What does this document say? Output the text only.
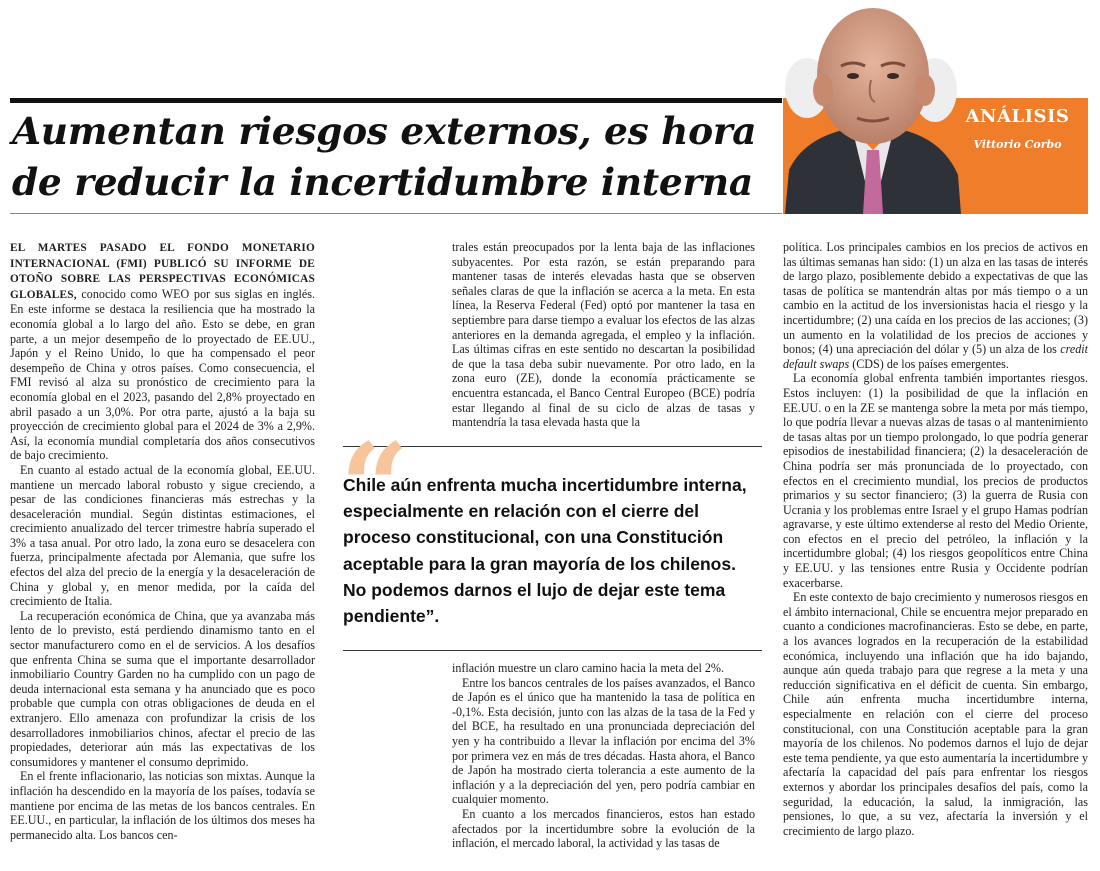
Aumentan riesgos externos, es hora
de reducir la incertidumbre interna
ANÁLISIS
Vittorio Corbo

EL MARTES PASADO EL FONDO MONETARIO INTERNACIONAL (FMI) PUBLICÓ SU INFORME DE OTOÑO SOBRE LAS PERSPECTIVAS ECONÓMICAS GLOBALES, conocido como WEO por sus siglas en inglés. En este informe se destaca la resiliencia que ha mostrado la economía global a lo largo del año. Esto se debe, en gran parte, a un mejor desempeño de lo proyectado de EE.UU., Japón y el Reino Unido, lo que ha compensado el peor desempeño de China y otros países. Como consecuencia, el FMI revisó al alza su pronóstico de crecimiento para la economía global en el 2023, pasando del 2,8% proyectado en abril pasado a un 3,0%. Por otra parte, ajustó a la baja su proyección de crecimiento global para el 2024 de 3% a 2,9%. Así, la economía mundial completaría dos años consecutivos de bajo crecimiento.

En cuanto al estado actual de la economía global, EE.UU. mantiene un mercado laboral robusto y sigue creciendo, a pesar de las condiciones financieras más estrechas y la desaceleración mundial. Según distintas estimaciones, el crecimiento anualizado del tercer trimestre habría superado el 3% a tasa anual. Por otro lado, la zona euro se desacelera con fuerza, principalmente afectada por Alemania, que sufre los efectos del alza del precio de la energía y la desaceleración de China y global y, en menor medida, por la caída del crecimiento de Italia.

La recuperación económica de China, que ya avanzaba más lento de lo previsto, está perdiendo dinamismo tanto en el sector manufacturero como en el de servicios. A los desafíos que enfrenta China se suma que el importante desarrollador inmobiliario Country Garden no ha cumplido con un pago de deuda internacional esta semana y ha anunciado que es poco probable que cumpla con otras obligaciones de deuda en el extranjero. Ello amenaza con profundizar la crisis de los desarrolladores inmobiliarios chinos, afectar el precio de las propiedades, deteriorar aún más las expectativas de los consumidores y mantener el consumo deprimido.

En el frente inflacionario, las noticias son mixtas. Aunque la inflación ha descendido en la mayoría de los países, todavía se mantiene por encima de las metas de los bancos centrales. En EE.UU., en particular, la inflación de los últimos dos meses ha permanecido alta. Los bancos cen-

trales están preocupados por la lenta baja de las inflaciones subyacentes. Por esta razón, se están preparando para mantener tasas de interés elevadas hasta que se observen señales claras de que la inflación se acerca a la meta. En esta línea, la Reserva Federal (Fed) optó por mantener la tasa en septiembre para darse tiempo a evaluar los efectos de las alzas anteriores en la demanda agregada, el empleo y la inflación. Las últimas cifras en este sentido no descartan la posibilidad de que la tasa deba subir nuevamente. Por otro lado, en la zona euro (ZE), donde la economía prácticamente se encuentra estancada, el Banco Central Europeo (BCE) podría estar llegando al final de su ciclo de alzas de tasas y mantendría la tasa elevada hasta que la

“

Chile aún enfrenta mucha incertidumbre interna, especialmente en relación con el cierre del proceso constitucional, con una Constitución aceptable para la gran mayoría de los chilenos. No podemos darnos el lujo de dejar este tema pendiente”.

inflación muestre un claro camino hacia la meta del 2%.

Entre los bancos centrales de los países avanzados, el Banco de Japón es el único que ha mantenido la tasa de política en -0,1%. Esta decisión, junto con las alzas de la tasa de la Fed y del BCE, ha resultado en una pronunciada depreciación del yen y ha contribuido a llevar la inflación por encima del 3% por primera vez en más de tres décadas. Hasta ahora, el Banco de Japón ha mostrado cierta tolerancia a este aumento de la inflación y a la depreciación del yen, pero podría cambiar en cualquier momento.

En cuanto a los mercados financieros, estos han estado afectados por la incertidumbre sobre la evolución de la inflación, el mercado laboral, la actividad y las tasas de

política. Los principales cambios en los precios de activos en las últimas semanas han sido: (1) un alza en las tasas de interés de largo plazo, posiblemente debido a expectativas de que las tasas de política se mantendrán altas por más tiempo o a un cambio en la actitud de los inversionistas hacia el riesgo y la incertidumbre; (2) una caída en los precios de las acciones; (3) un aumento en la volatilidad de los precios de acciones y bonos; (4) una apreciación del dólar y (5) un alza de los credit default swaps (CDS) de los países emergentes.

La economía global enfrenta también importantes riesgos. Estos incluyen: (1) la posibilidad de que la inflación en EE.UU. o en la ZE se mantenga sobre la meta por más tiempo, lo que podría llevar a nuevas alzas de tasas o al mantenimiento de tasas altas por un tiempo prolongado, lo que podría generar episodios de inestabilidad financiera; (2) la desaceleración de China podría ser más pronunciada de lo proyectado, con efectos en el crecimiento mundial, los precios de productos primarios y su sector financiero; (3) la guerra de Rusia con Ucrania y los problemas entre Israel y el grupo Hamas podrían agravarse, y este último extenderse al resto del Medio Oriente, con efectos en el precio del petróleo, la inflación y la incertidumbre global; (4) los riesgos geopolíticos entre China y EE.UU. y las tensiones entre Rusia y Occidente podrían exacerbarse.

En este contexto de bajo crecimiento y numerosos riesgos en el ámbito internacional, Chile se encuentra mejor preparado en cuanto a condiciones macrofinancieras. Esto se debe, en parte, a los avances logrados en la recuperación de la estabilidad económica, incluyendo una inflación que ha ido bajando, aunque aún queda trabajo para que regrese a la meta y una reducción significativa en el déficit de cuenta. Sin embargo, Chile aún enfrenta mucha incertidumbre interna, especialmente en relación con el cierre del proceso constitucional, con una Constitución aceptable para la gran mayoría de los chilenos. No podemos darnos el lujo de dejar este tema pendiente, ya que esto aumentaría la incertidumbre y afectaría la capacidad del país para enfrentar los riesgos externos y abordar los principales desafíos del país, como la seguridad, la educación, la salud, la inmigración, las pensiones, lo que, a su vez, afectaría la inversión y el crecimiento de largo plazo.
